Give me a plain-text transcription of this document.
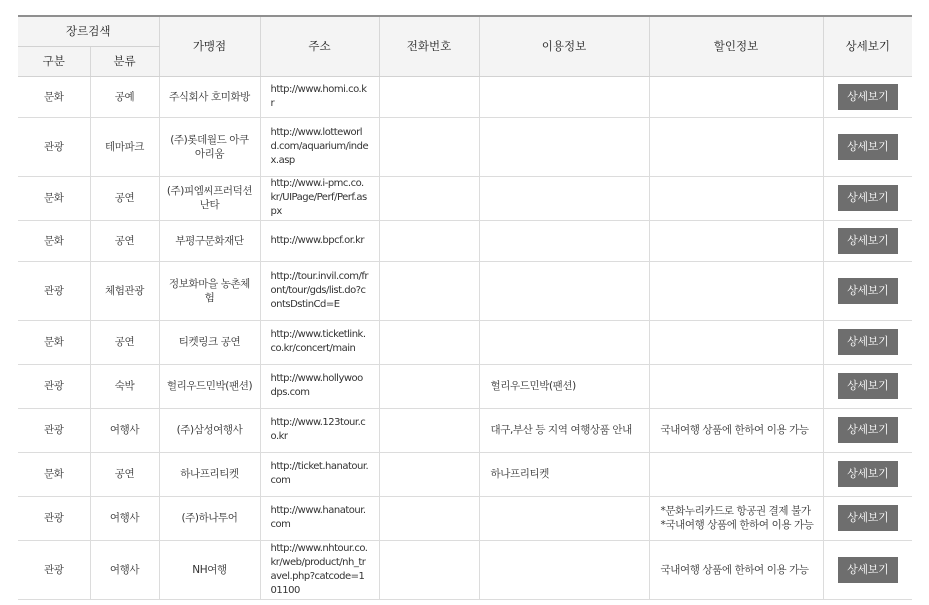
장르검색		가맹점	주소	전화번호	이용정보	할인정보	상세보기
구분	분류						
문화	공예	주식회사 호미화방	http://www.homi.co.kr				상세보기
관광	테마파크	(주)롯데월드 아쿠아리움	http://www.lotteworld.com/aquarium/index.asp				상세보기
문화	공연	(주)피엠씨프러덕션 난타	http://www.i-pmc.co.kr/UIPage/Perf/Perf.aspx				상세보기
문화	공연	부평구문화재단	http://www.bpcf.or.kr				상세보기
관광	체험관광	정보화마을 농촌체험	http://tour.invil.com/front/tour/gds/list.do?contsDstinCd=E				상세보기
문화	공연	티켓링크 공연	http://www.ticketlink.co.kr/concert/main				상세보기
관광	숙박	헐리우드민박(팬션)	http://www.hollywoodps.com		헐리우드민박(팬션)		상세보기
관광	여행사	(주)삼성여행사	http://www.123tour.co.kr		대구,부산 등 지역 여행상품 안내	국내여행 상품에 한하여 이용 가능	상세보기
문화	공연	하나프리티켓	http://ticket.hanatour.com		하나프리티켓		상세보기
관광	여행사	(주)하나투어	http://www.hanatour.com			*문화누리카드로 항공권 결제 불가
*국내여행 상품에 한하여 이용 가능	상세보기
관광	여행사	NH여행	http://www.nhtour.co.kr/web/product/nh_travel.php?catcode=101100			국내여행 상품에 한하여 이용 가능	상세보기
